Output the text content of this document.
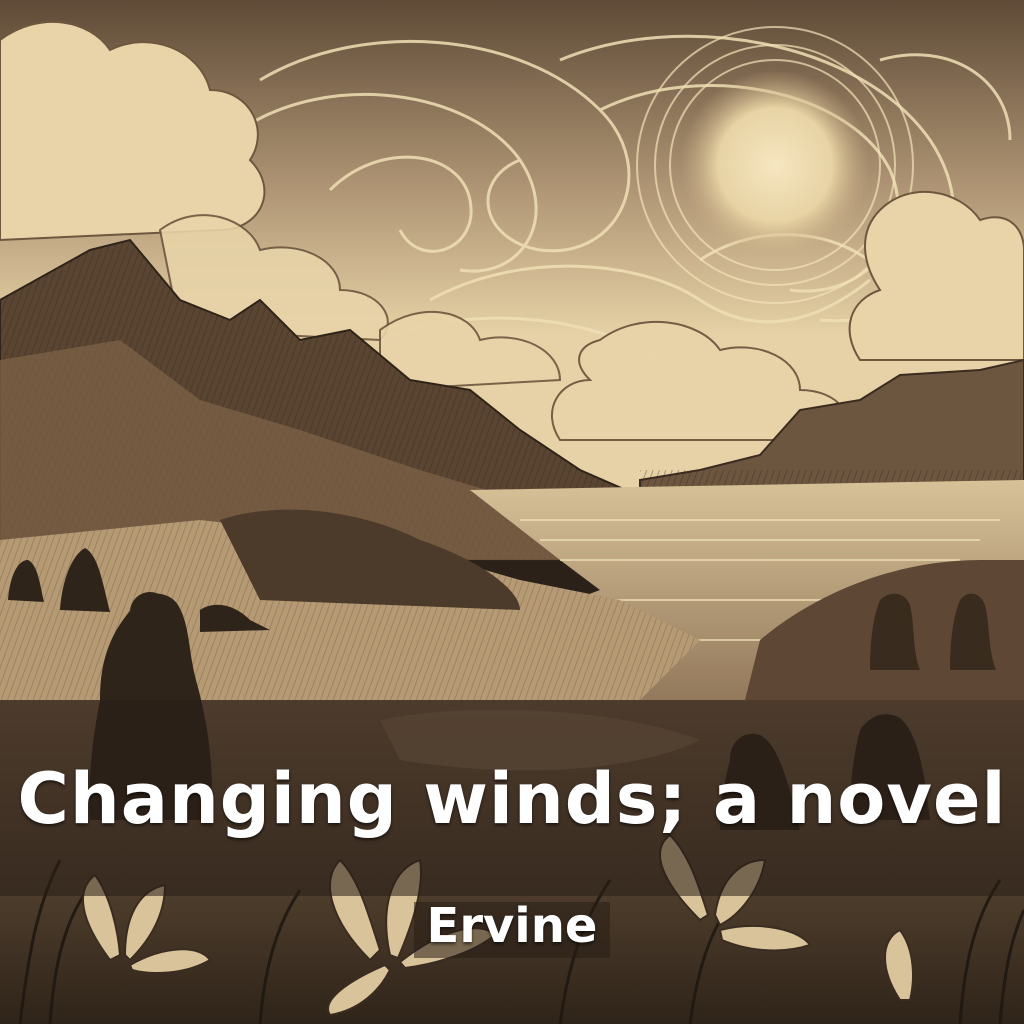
Changing winds; a novel
Ervine
